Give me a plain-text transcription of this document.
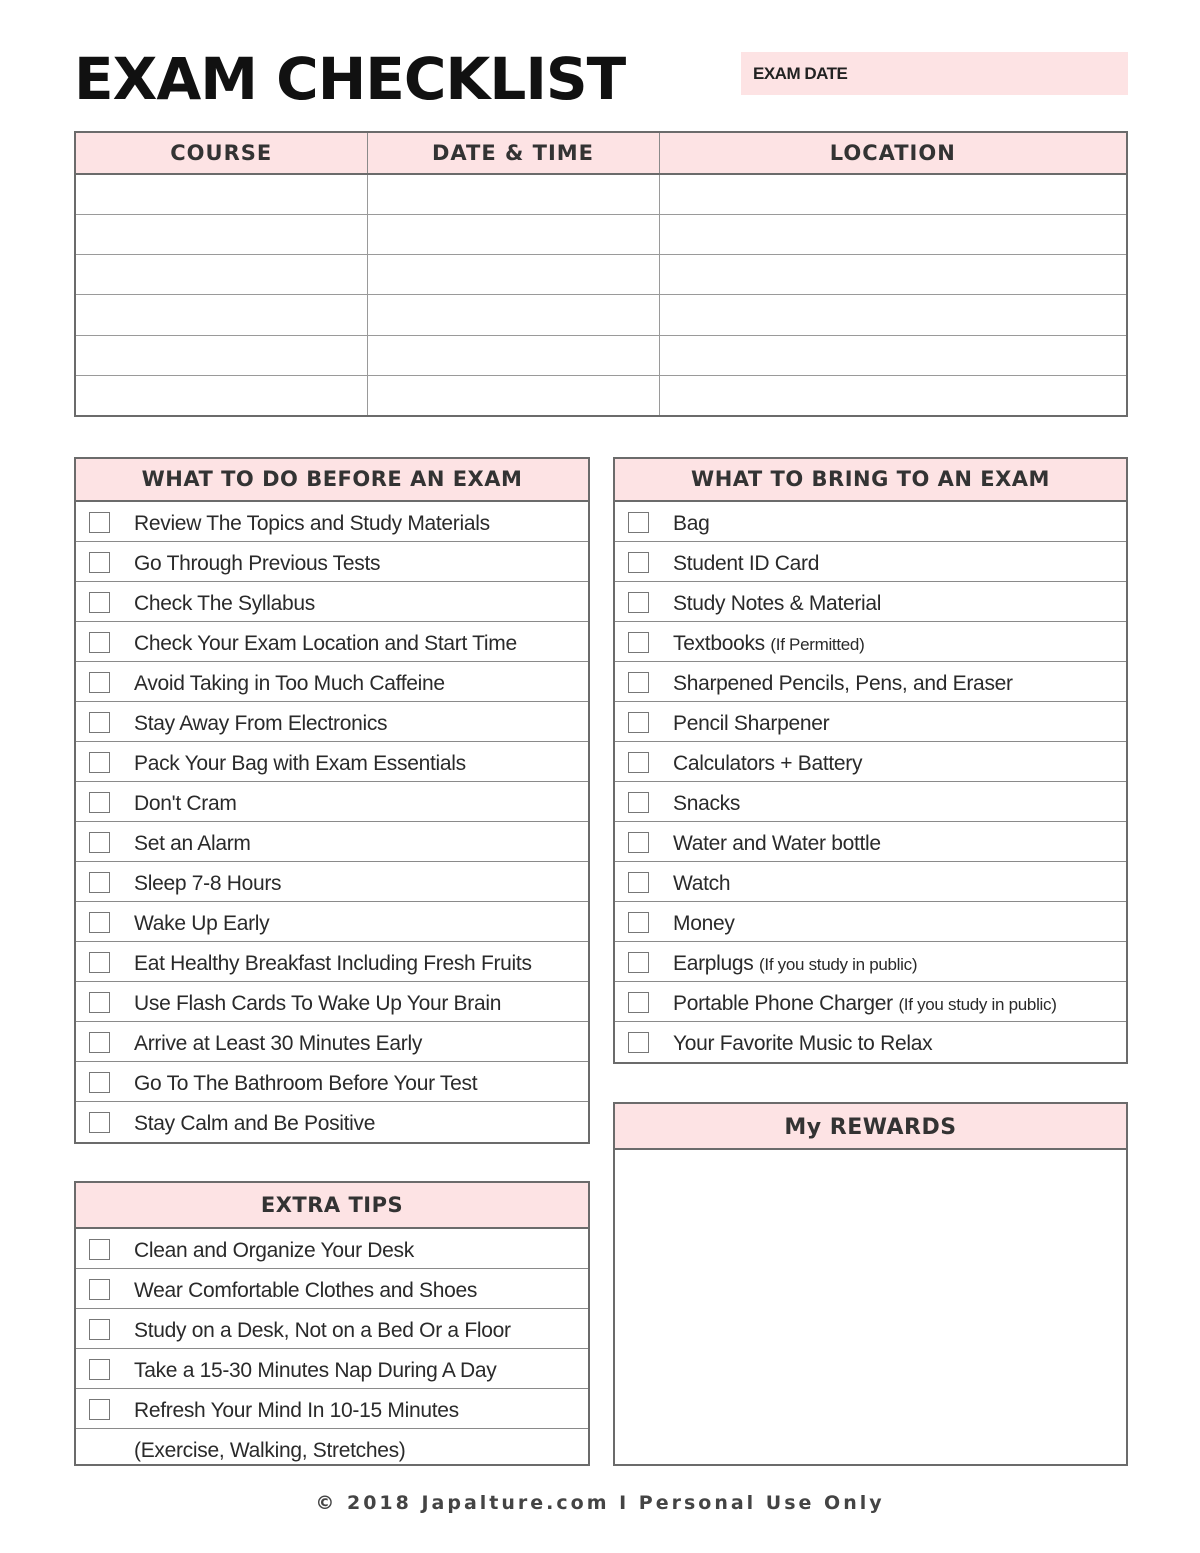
EXAM CHECKLIST	EXAM DATE
COURSE	DATE & TIME	LOCATION

WHAT TO DO BEFORE AN EXAM
Review The Topics and Study Materials
Go Through Previous Tests
Check The Syllabus
Check Your Exam Location and Start Time
Avoid Taking in Too Much Caffeine
Stay Away From Electronics
Pack Your Bag with Exam Essentials
Don't Cram
Set an Alarm
Sleep 7-8 Hours
Wake Up Early
Eat Healthy Breakfast Including Fresh Fruits
Use Flash Cards To Wake Up Your Brain
Arrive at Least 30 Minutes Early
Go To The Bathroom Before Your Test
Stay Calm and Be Positive
WHAT TO BRING TO AN EXAM
Bag
Student ID Card
Study Notes & Material
Textbooks (If Permitted)
Sharpened Pencils, Pens, and Eraser
Pencil Sharpener
Calculators + Battery
Snacks
Water and Water bottle
Watch
Money
Earplugs (If you study in public)
Portable Phone Charger (If you study in public)
Your Favorite Music to Relax
EXTRA TIPS
Clean and Organize Your Desk
Wear Comfortable Clothes and Shoes
Study on a Desk, Not on a Bed Or a Floor
Take a 15-30 Minutes Nap During A Day
Refresh Your Mind In 10-15 Minutes
(Exercise, Walking, Stretches)
My REWARDS
© 2018 Japalture.com I Personal Use Only
